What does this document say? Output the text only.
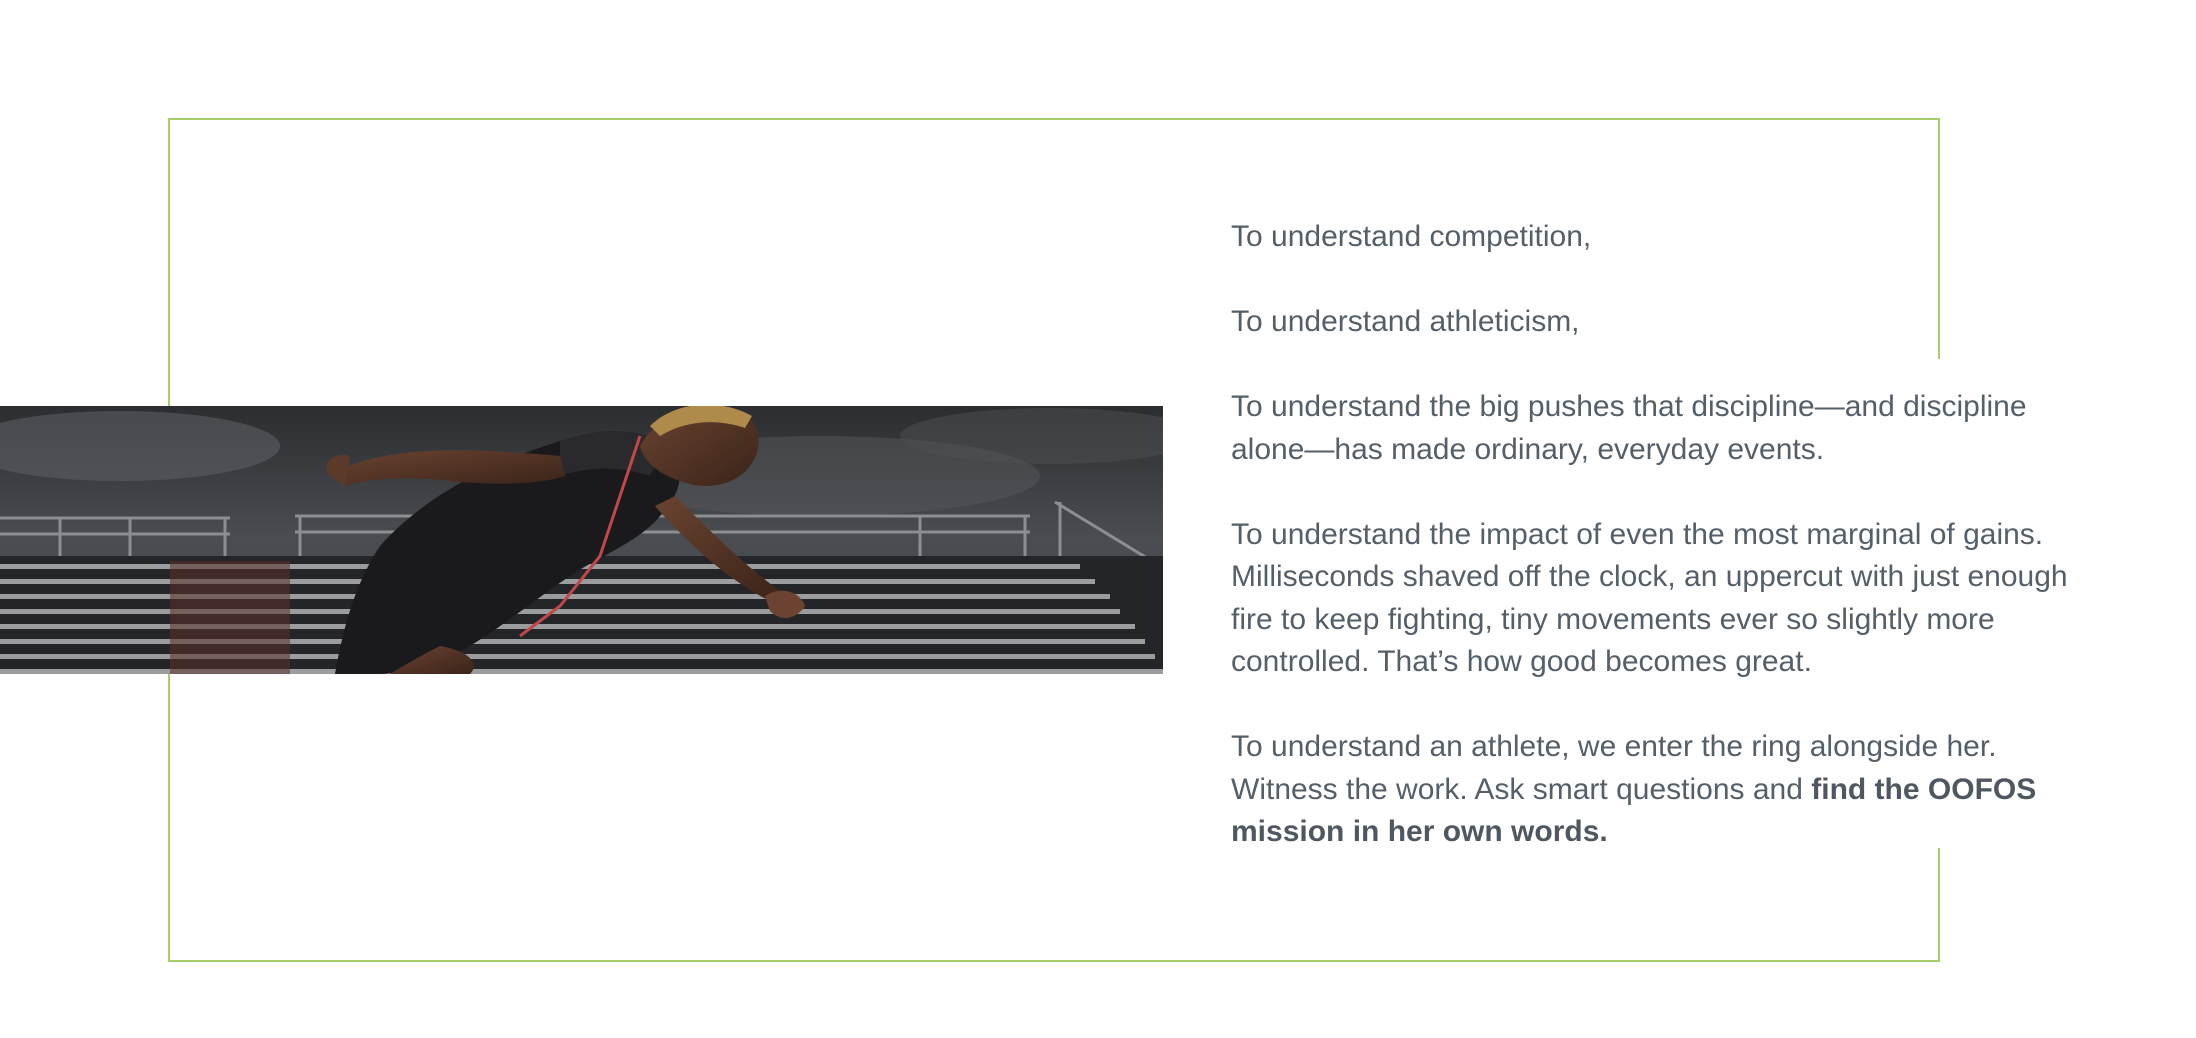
To understand competition,

To understand athleticism,

To understand the big pushes that discipline—and discipline alone—has made ordinary, everyday events.

To understand the impact of even the most marginal of gains. Milliseconds shaved off the clock, an uppercut with just enough fire to keep fighting, tiny movements ever so slightly more controlled. That’s how good becomes great.

To understand an athlete, we enter the ring alongside her. Witness the work. Ask smart questions and find the OOFOS mission in her own words.
